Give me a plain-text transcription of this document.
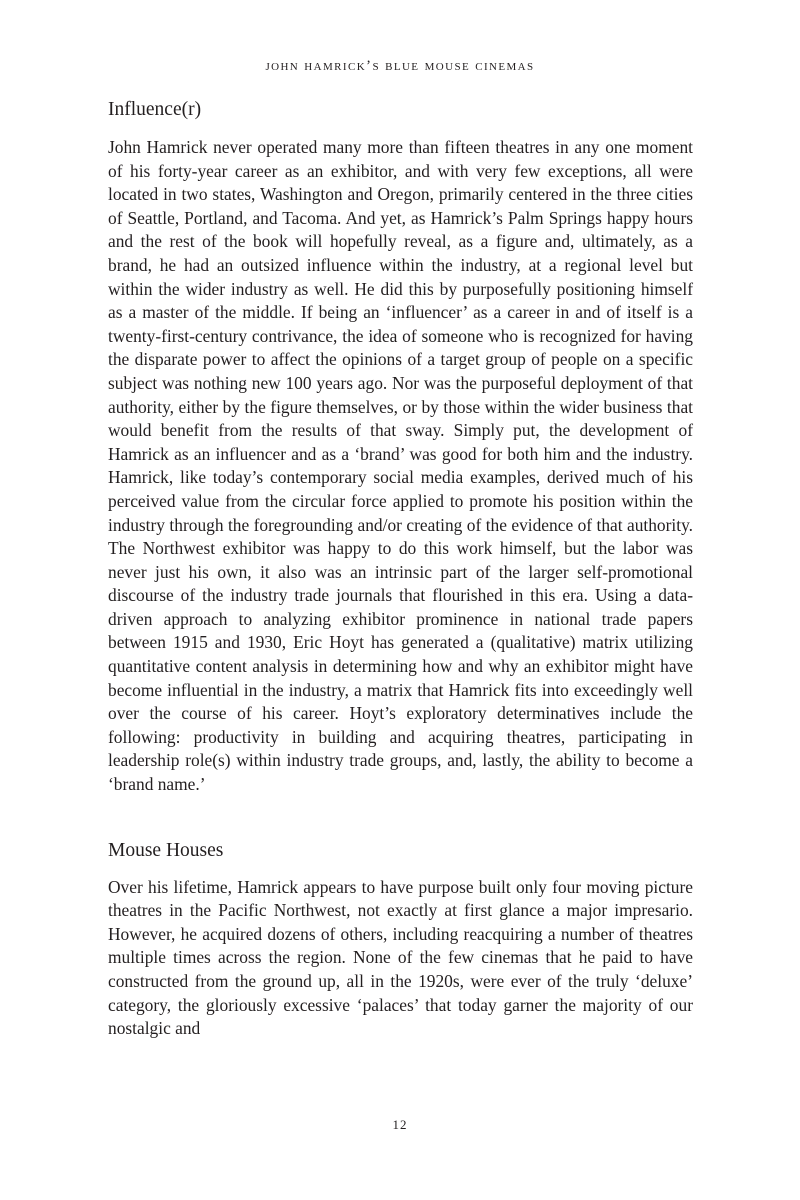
john hamrick’s blue mouse cinemas
Influence(r)

John Hamrick never operated many more than fifteen theatres in any one moment of his forty-year career as an exhibitor, and with very few exceptions, all were located in two states, Washington and Oregon, primarily centered in the three cities of Seattle, Portland, and Tacoma. And yet, as Hamrick’s Palm Springs happy hours and the rest of the book will hopefully reveal, as a figure and, ultimately, as a brand, he had an outsized influence within the industry, at a regional level but within the wider industry as well. He did this by purposefully positioning himself as a master of the middle. If being an ‘influencer’ as a career in and of itself is a twenty-first-century contrivance, the idea of someone who is recognized for having the disparate power to affect the opinions of a target group of people on a specific subject was nothing new 100 years ago. Nor was the purposeful deployment of that authority, either by the figure themselves, or by those within the wider business that would benefit from the results of that sway. Simply put, the development of Hamrick as an influencer and as a ‘brand’ was good for both him and the industry. Hamrick, like today’s contemporary social media examples, derived much of his perceived value from the circular force applied to promote his position within the industry through the foregrounding and/or creating of the evidence of that authority. The Northwest exhibitor was happy to do this work himself, but the labor was never just his own, it also was an intrinsic part of the larger self-promotional discourse of the industry trade journals that flourished in this era. Using a data-driven approach to analyzing exhibitor prominence in national trade papers between 1915 and 1930, Eric Hoyt has generated a (qualitative) matrix utilizing quantitative content analysis in determining how and why an exhibitor might have become influential in the industry, a matrix that Hamrick fits into exceedingly well over the course of his career. Hoyt’s exploratory determinatives include the following: productivity in building and acquiring theatres, participating in leadership role(s) within industry trade groups, and, lastly, the ability to become a ‘brand name.’

Mouse Houses

Over his lifetime, Hamrick appears to have purpose built only four moving picture theatres in the Pacific Northwest, not exactly at first glance a major impresario. However, he acquired dozens of others, including reacquiring a number of theatres multiple times across the region. None of the few cinemas that he paid to have constructed from the ground up, all in the 1920s, were ever of the truly ‘deluxe’ category, the gloriously excessive ‘palaces’ that today garner the majority of our nostalgic and

12
